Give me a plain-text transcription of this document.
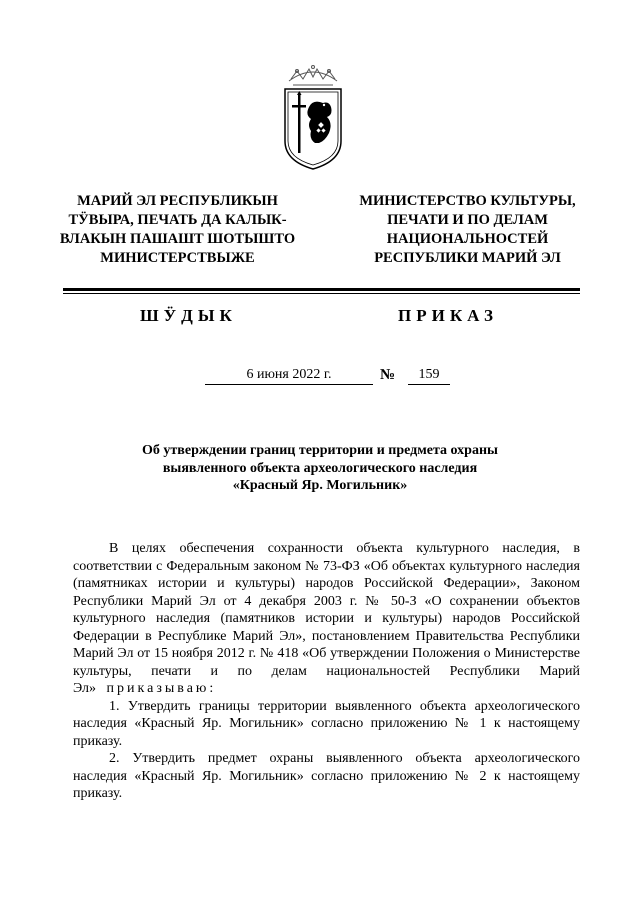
МАРИЙ ЭЛ РЕСПУБЛИКЫН
ТӰВЫРА, ПЕЧАТЬ ДА КАЛЫК-
ВЛАКЫН ПАШАШТ ШОТЫШТО
МИНИСТЕРСТВЫЖЕ
МИНИСТЕРСТВО КУЛЬТУРЫ,
ПЕЧАТИ И ПО ДЕЛАМ
НАЦИОНАЛЬНОСТЕЙ
РЕСПУБЛИКИ МАРИЙ ЭЛ
ШӰДЫК	ПРИКАЗ
6 июня 2022 г.	№	159
Об утверждении границ территории и предмета охраны
выявленного объекта археологического наследия
«Красный Яр. Могильник»

В целях обеспечения сохранности объекта культурного наследия, в соответствии с Федеральным законом № 73-ФЗ «Об объектах культурного наследия (памятниках истории и культуры) народов Российской Федерации», Законом Республики Марий Эл от 4 декабря 2003 г. № 50-З «О сохранении объектов культурного наследия (памятников истории и культуры) народов Российской Федерации в Республике Марий Эл», постановлением Правительства Республики Марий Эл от 15 ноября 2012 г. № 418 «Об утверждении Положения о Министерстве культуры, печати и по делам национальностей Республики Марий Эл» приказываю:

1. Утвердить границы территории выявленного объекта археологического наследия «Красный Яр. Могильник» согласно приложению № 1 к настоящему приказу.

2. Утвердить предмет охраны выявленного объекта археологического наследия «Красный Яр. Могильник» согласно приложению № 2 к настоящему приказу.
